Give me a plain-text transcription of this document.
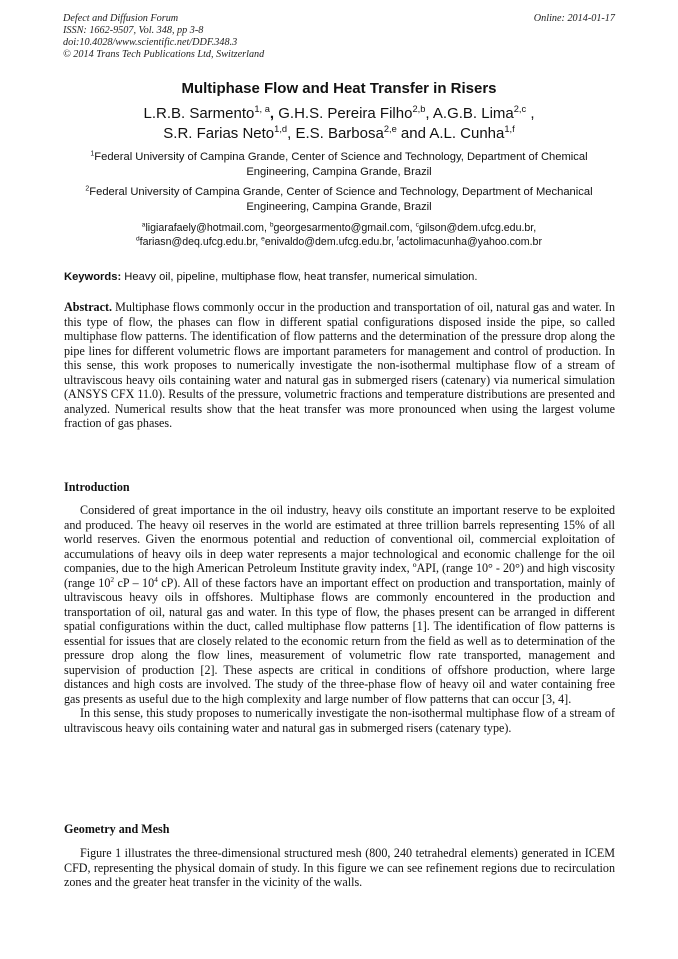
Defect and Diffusion Forum
ISSN: 1662-9507, Vol. 348, pp 3-8
doi:10.4028/www.scientific.net/DDF.348.3
© 2014 Trans Tech Publications Ltd, Switzerland
Online: 2014-01-17
Multiphase Flow and Heat Transfer in Risers
L.R.B. Sarmento$^{1, a}$, G.H.S. Pereira Filho$^{2,b}$, A.G.B. Lima$^{2,c}$ ,
S.R. Farias Neto$^{1,d}$, E.S. Barbosa$^{2,e}$ and A.L. Cunha$^{1,f}$
$^1$Federal University of Campina Grande, Center of Science and Technology, Department of Chemical Engineering, Campina Grande, Brazil
$^2$Federal University of Campina Grande, Center of Science and Technology, Department of Mechanical Engineering, Campina Grande, Brazil
$^a$ligiarafaely@hotmail.com, $^b$georgesarmento@gmail.com, $^c$gilson@dem.ufcg.edu.br,
$^d$fariasn@deq.ufcg.edu.br, $^e$enivaldo@dem.ufcg.edu.br, $^f$actolimacunha@yahoo.com.br
Keywords: Heavy oil, pipeline, multiphase flow, heat transfer, numerical simulation.

Abstract. Multiphase flows commonly occur in the production and transportation of oil, natural gas and water. In this type of flow, the phases can flow in different spatial configurations disposed inside the pipe, so called multiphase flow patterns. The identification of flow patterns and the determination of the pressure drop along the pipe lines for different volumetric flows are important parameters for management and control of production. In this sense, this work proposes to numerically investigate the non-isothermal multiphase flow of a stream of ultraviscous heavy oils containing water and natural gas in submerged risers (catenary) via numerical simulation (ANSYS CFX 11.0). Results of the pressure, volumetric fractions and temperature distributions are presented and analyzed. Numerical results show that the heat transfer was more pronounced when using the largest volume fraction of gas phases.

Introduction

Considered of great importance in the oil industry, heavy oils constitute an important reserve to be exploited and produced. The heavy oil reserves in the world are estimated at three trillion barrels representing 15% of all world reserves. Given the enormous potential and reduction of conventional oil, commercial exploitation of accumulations of heavy oils in deep water represents a major technological and economic challenge for the oil companies, due to the high American Petroleum Institute gravity index, ºAPI, (range 10° - 20°) and high viscosity (range $10^2$ cP – $10^4$ cP). All of these factors have an important effect on production and transportation, mainly of ultraviscous heavy oils in offshores. Multiphase flows are commonly encountered in the production and transportation of oil, natural gas and water. In this type of flow, the phases present can be arranged in different spatial configurations within the duct, called multiphase flow patterns [1]. The identification of flow patterns is essential for issues that are closely related to the economic return from the field as well as to determination of the pressure drop along the flow lines, measurement of volumetric flow rate transported, management and supervision of production [2]. These aspects are critical in conditions of offshore production, where large distances and high costs are involved. The study of the three-phase flow of heavy oil and water containing free gas presents as useful due to the high complexity and large number of flow patterns that can occur [3, 4].

In this sense, this study proposes to numerically investigate the non-isothermal multiphase flow of a stream of ultraviscous heavy oils containing water and natural gas in submerged risers (catenary type).

Geometry and Mesh

Figure 1 illustrates the three-dimensional structured mesh (800, 240 tetrahedral elements) generated in ICEM CFD, representing the physical domain of study. In this figure we can see refinement regions due to recirculation zones and the greater heat transfer in the vicinity of the walls.
